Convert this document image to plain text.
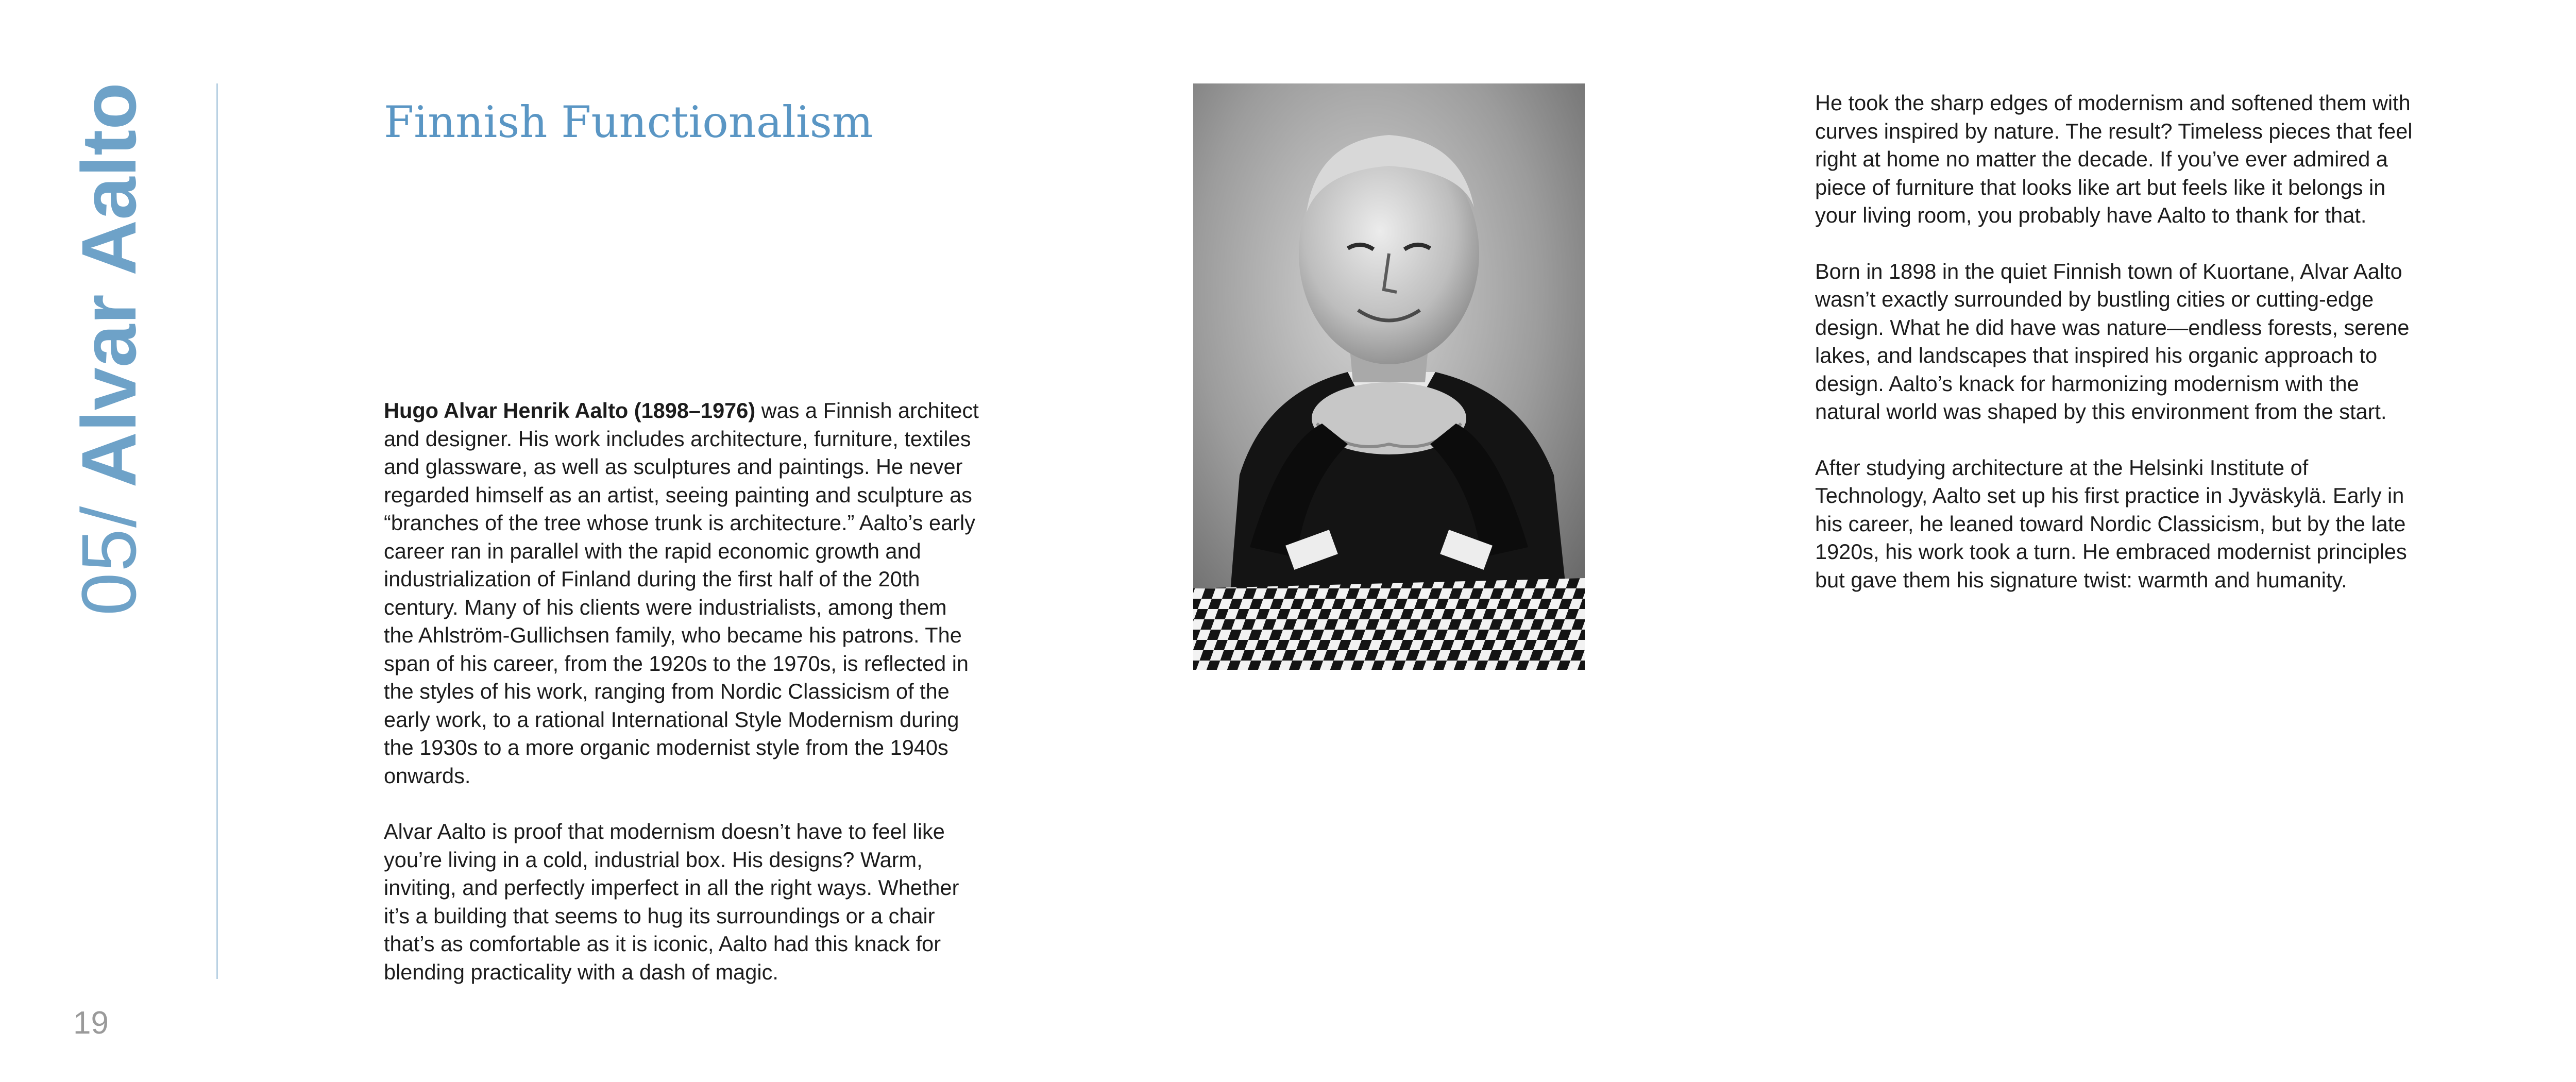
05/Alvar Aalto	Finnish Functionalism

Hugo Alvar Henrik Aalto (1898–1976) was a Finnish architect and designer. His work includes architecture, furniture, textiles and glassware, as well as sculptures and paintings. He never regarded himself as an artist, seeing painting and sculpture as “branches of the tree whose trunk is architecture.” Aalto’s early career ran in parallel with the rapid economic growth and industrialization of Finland during the first half of the 20th century. Many of his clients were industrialists, among them the Ahlström-Gullichsen family, who became his patrons. The span of his career, from the 1920s to the 1970s, is reflected in the styles of his work, ranging from Nordic Classicism of the early work, to a rational International Style Modernism during the 1930s to a more organic modernist style from the 1940s onwards.

Alvar Aalto is proof that modernism doesn’t have to feel like you’re living in a cold, industrial box. His designs? Warm, inviting, and perfectly imperfect in all the right ways. Whether it’s a building that seems to hug its surroundings or a chair that’s as comfortable as it is iconic, Aalto had this knack for blending practicality with a dash of magic.

He took the sharp edges of modernism and softened them with curves inspired by nature. The result? Timeless pieces that feel right at home no matter the decade. If you’ve ever admired a piece of furniture that looks like art but feels like it belongs in your living room, you probably have Aalto to thank for that.

Born in 1898 in the quiet Finnish town of Kuortane, Alvar Aalto wasn’t exactly surrounded by bustling cities or cutting-edge design. What he did have was nature—endless forests, serene lakes, and landscapes that inspired his organic approach to design. Aalto’s knack for harmonizing modernism with the natural world was shaped by this environment from the start.

After studying architecture at the Helsinki Institute of Technology, Aalto set up his first practice in Jyväskylä. Early in his career, he leaned toward Nordic Classicism, but by the late 1920s, his work took a turn. He embraced modernist principles but gave them his signature twist: warmth and humanity.

19
